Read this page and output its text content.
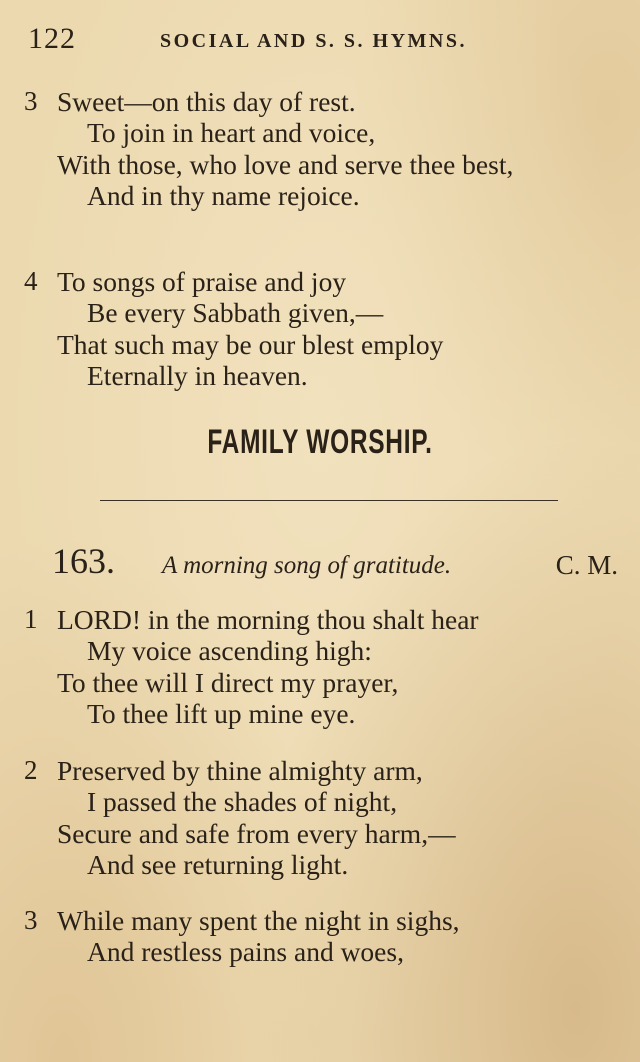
122	SOCIAL AND S. S. HYMNS.
3 Sweet—on this day of rest.
To join in heart and voice,
With those, who love and serve thee best,
And in thy name rejoice.
4 To songs of praise and joy
Be every Sabbath given,—
That such may be our blest employ
Eternally in heaven.
FAMILY WORSHIP.
163. A morning song of gratitude.	C. M.
1 LORD! in the morning thou shalt hear
My voice ascending high:
To thee will I direct my prayer,
To thee lift up mine eye.
2 Preserved by thine almighty arm,
I passed the shades of night,
Secure and safe from every harm,—
And see returning light.
3 While many spent the night in sighs,
And restless pains and woes,
